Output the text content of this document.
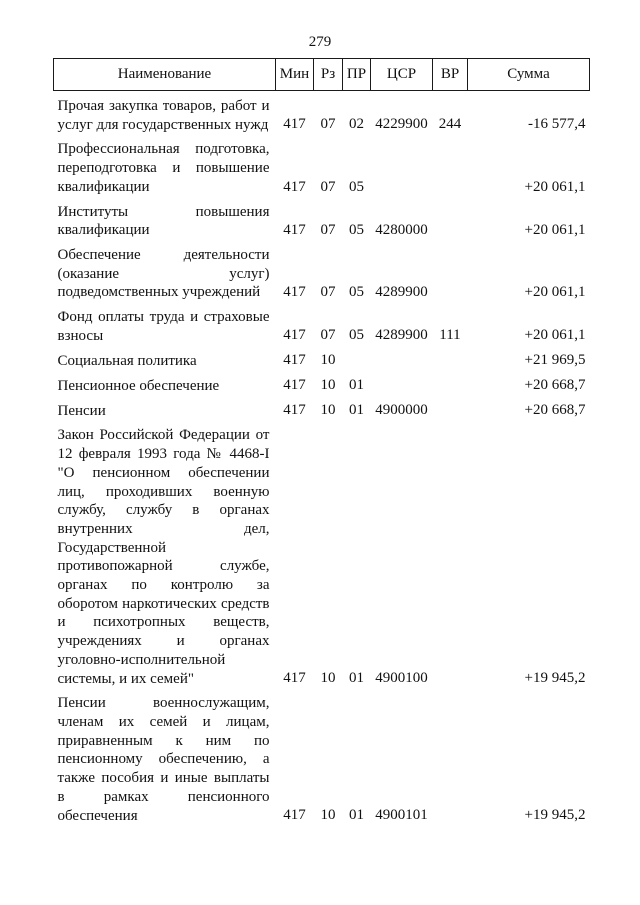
279
Наименование	Мин	Рз	ПР	ЦСР	ВР	Сумма
Прочая закупка товаров, работ и услуг для государственных нужд	417	07	02	4229900	244	-16 577,4
Профессиональная подготовка, переподготовка и повышение квалификации	417	07	05			+20 061,1
Институты повышения квалификации	417	07	05	4280000		+20 061,1
Обеспечение деятельности (оказание услуг) подведомственных учреждений	417	07	05	4289900		+20 061,1
Фонд оплаты труда и страховые взносы	417	07	05	4289900	111	+20 061,1
Социальная политика	417	10				+21 969,5
Пенсионное обеспечение	417	10	01			+20 668,7
Пенсии	417	10	01	4900000		+20 668,7
Закон Российской Федерации от 12 февраля 1993 года № 4468-I "О пенсионном обеспечении лиц, проходивших военную службу, службу в органах внутренних дел, Государственной противопожарной службе, органах по контролю за оборотом наркотических средств и психотропных веществ, учреждениях и органах уголовно-исполнительной системы, и их семей"	417	10	01	4900100		+19 945,2
Пенсии военнослужащим, членам их семей и лицам, приравненным к ним по пенсионному обеспечению, а также пособия и иные выплаты в рамках пенсионного обеспечения	417	10	01	4900101		+19 945,2
